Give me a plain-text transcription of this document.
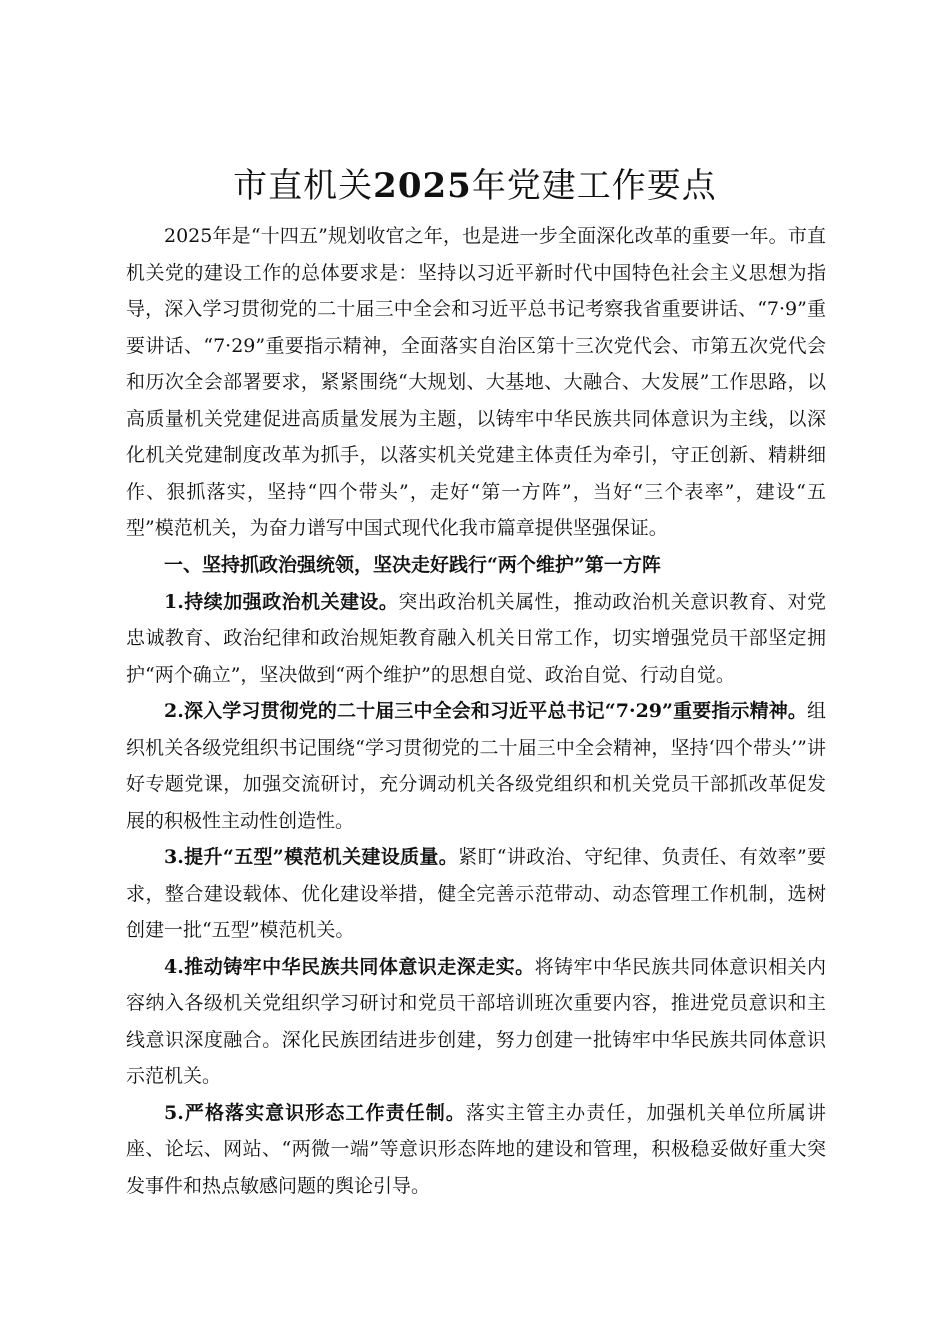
市直机关2025年党建工作要点

2025年是“十四五”规划收官之年，也是进一步全面深化改革的重要一年。市直机关党的建设工作的总体要求是：坚持以习近平新时代中国特色社会主义思想为指导，深入学习贯彻党的二十届三中全会和习近平总书记考察我省重要讲话、“7·9”重要讲话、“7·29”重要指示精神，全面落实自治区第十三次党代会、市第五次党代会和历次全会部署要求，紧紧围绕“大规划、大基地、大融合、大发展”工作思路，以高质量机关党建促进高质量发展为主题，以铸牢中华民族共同体意识为主线，以深化机关党建制度改革为抓手，以落实机关党建主体责任为牵引，守正创新、精耕细作、狠抓落实，坚持“四个带头”，走好“第一方阵”，当好“三个表率”，建设“五型”模范机关，为奋力谱写中国式现代化我市篇章提供坚强保证。

一、坚持抓政治强统领，坚决走好践行“两个维护”第一方阵

1.持续加强政治机关建设。突出政治机关属性，推动政治机关意识教育、对党忠诚教育、政治纪律和政治规矩教育融入机关日常工作，切实增强党员干部坚定拥护“两个确立”，坚决做到“两个维护”的思想自觉、政治自觉、行动自觉。

2.深入学习贯彻党的二十届三中全会和习近平总书记“7·29”重要指示精神。组织机关各级党组织书记围绕“学习贯彻党的二十届三中全会精神，坚持‘四个带头’”讲好专题党课，加强交流研讨，充分调动机关各级党组织和机关党员干部抓改革促发展的积极性主动性创造性。

3.提升“五型”模范机关建设质量。紧盯“讲政治、守纪律、负责任、有效率”要求，整合建设载体、优化建设举措，健全完善示范带动、动态管理工作机制，选树创建一批“五型”模范机关。

4.推动铸牢中华民族共同体意识走深走实。将铸牢中华民族共同体意识相关内容纳入各级机关党组织学习研讨和党员干部培训班次重要内容，推进党员意识和主线意识深度融合。深化民族团结进步创建，努力创建一批铸牢中华民族共同体意识示范机关。

5.严格落实意识形态工作责任制。落实主管主办责任，加强机关单位所属讲座、论坛、网站、“两微一端”等意识形态阵地的建设和管理，积极稳妥做好重大突发事件和热点敏感问题的舆论引导。
